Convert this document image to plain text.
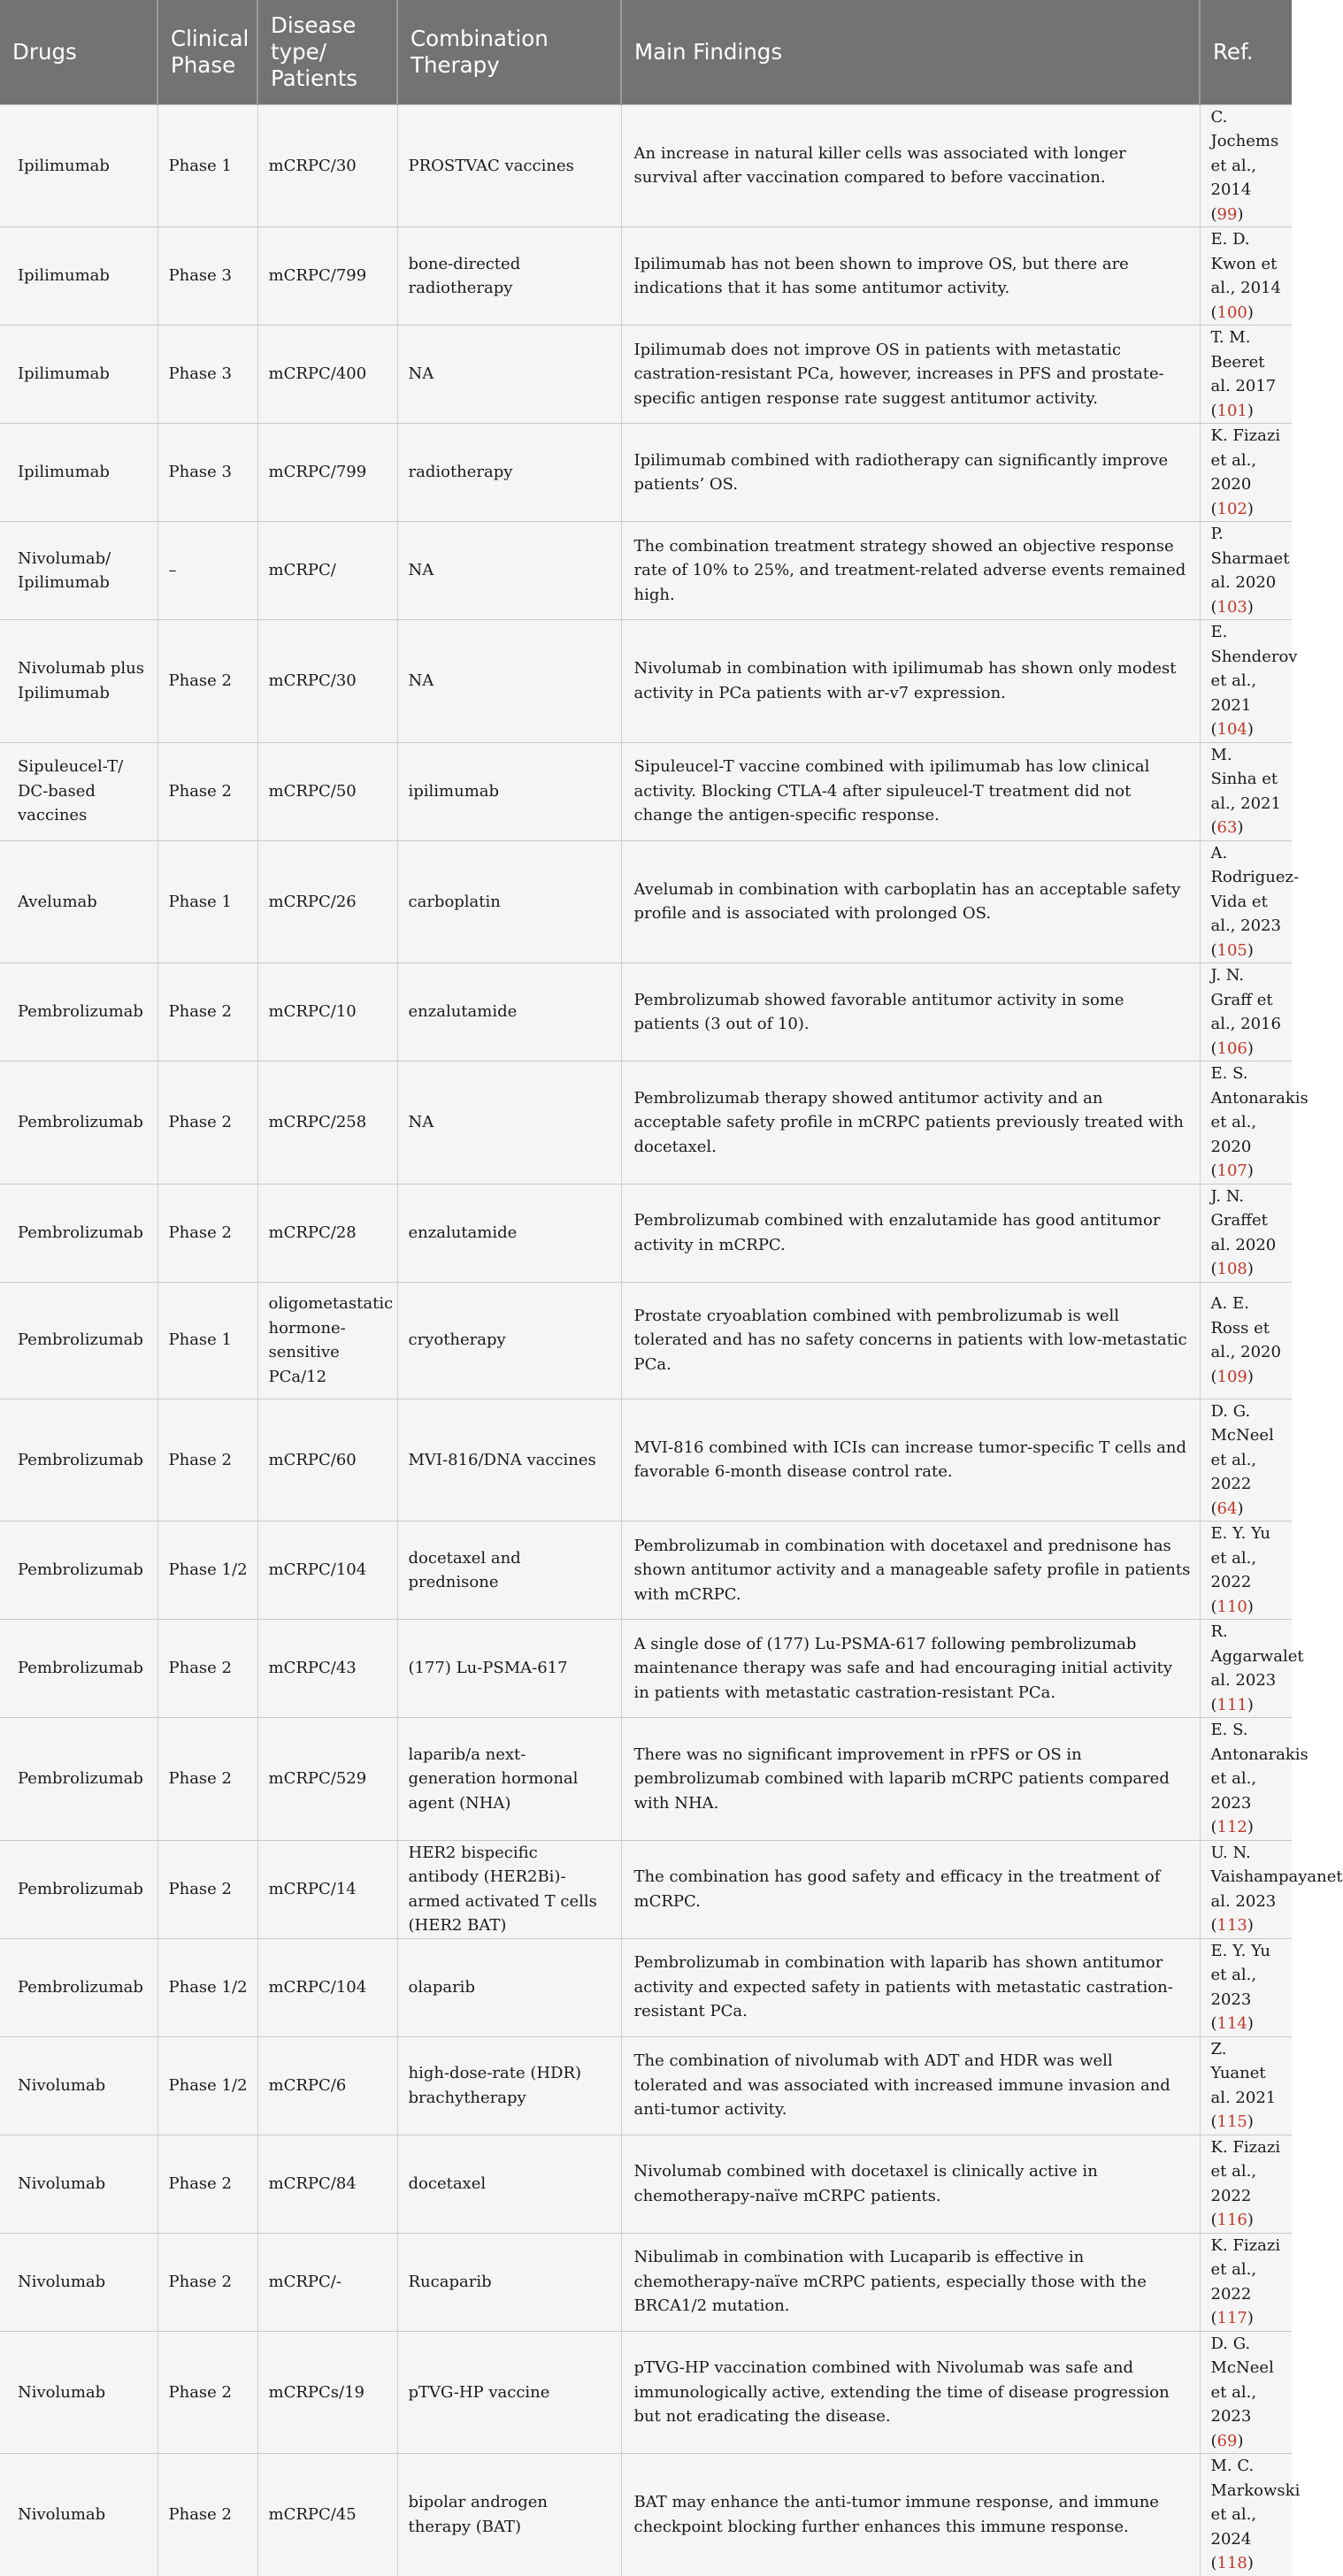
Drugs	Clinical Phase	Disease type/ Patients	Combination Therapy	Main Findings	Ref.
Ipilimumab	Phase 1	mCRPC/30	PROSTVAC vaccines	An increase in natural killer cells was associated with longer survival after vaccination compared to before vaccination.	C. Jochems et al., 2014 (99)
Ipilimumab	Phase 3	mCRPC/799	bone-directed radiotherapy	Ipilimumab has not been shown to improve OS, but there are indications that it has some antitumor activity.	E. D. Kwon et al., 2014 (100)
Ipilimumab	Phase 3	mCRPC/400	NA	Ipilimumab does not improve OS in patients with metastatic castration-resistant PCa, however, increases in PFS and prostate-specific antigen response rate suggest antitumor activity.	T. M. Beeret al. 2017 (101)
Ipilimumab	Phase 3	mCRPC/799	radiotherapy	Ipilimumab combined with radiotherapy can significantly improve patients’ OS.	K. Fizazi et al., 2020 (102)
Nivolumab/ Ipilimumab	–	mCRPC/	NA	The combination treatment strategy showed an objective response rate of 10% to 25%, and treatment-related adverse events remained high.	P. Sharmaet al. 2020 (103)
Nivolumab plus Ipilimumab	Phase 2	mCRPC/30	NA	Nivolumab in combination with ipilimumab has shown only modest activity in PCa patients with ar-v7 expression.	E. Shenderov et al., 2021 (104)
Sipuleucel-T/ DC-based vaccines	Phase 2	mCRPC/50	ipilimumab	Sipuleucel-T vaccine combined with ipilimumab has low clinical activity. Blocking CTLA-4 after sipuleucel-T treatment did not change the antigen-specific response.	M. Sinha et al., 2021 (63)
Avelumab	Phase 1	mCRPC/26	carboplatin	Avelumab in combination with carboplatin has an acceptable safety profile and is associated with prolonged OS.	A. Rodriguez-Vida et al., 2023 (105)
Pembrolizumab	Phase 2	mCRPC/10	enzalutamide	Pembrolizumab showed favorable antitumor activity in some patients (3 out of 10).	J. N. Graff et al., 2016 (106)
Pembrolizumab	Phase 2	mCRPC/258	NA	Pembrolizumab therapy showed antitumor activity and an acceptable safety profile in mCRPC patients previously treated with docetaxel.	E. S. Antonarakis et al., 2020 (107)
Pembrolizumab	Phase 2	mCRPC/28	enzalutamide	Pembrolizumab combined with enzalutamide has good antitumor activity in mCRPC.	J. N. Graffet al. 2020 (108)
Pembrolizumab	Phase 1	oligometastatic hormone-sensitive PCa/12	cryotherapy	Prostate cryoablation combined with pembrolizumab is well tolerated and has no safety concerns in patients with low-metastatic PCa.	A. E. Ross et al., 2020 (109)
Pembrolizumab	Phase 2	mCRPC/60	MVI-816/DNA vaccines	MVI-816 combined with ICIs can increase tumor-specific T cells and favorable 6-month disease control rate.	D. G. McNeel et al., 2022 (64)
Pembrolizumab	Phase 1/2	mCRPC/104	docetaxel and prednisone	Pembrolizumab in combination with docetaxel and prednisone has shown antitumor activity and a manageable safety profile in patients with mCRPC.	E. Y. Yu et al., 2022 (110)
Pembrolizumab	Phase 2	mCRPC/43	(177) Lu-PSMA-617	A single dose of (177) Lu-PSMA-617 following pembrolizumab maintenance therapy was safe and had encouraging initial activity in patients with metastatic castration-resistant PCa.	R. Aggarwalet al. 2023 (111)
Pembrolizumab	Phase 2	mCRPC/529	laparib/a next-generation hormonal agent (NHA)	There was no significant improvement in rPFS or OS in pembrolizumab combined with laparib mCRPC patients compared with NHA.	E. S. Antonarakis et al., 2023 (112)
Pembrolizumab	Phase 2	mCRPC/14	HER2 bispecific antibody (HER2Bi)-armed activated T cells (HER2 BAT)	The combination has good safety and efficacy in the treatment of mCRPC.	U. N. Vaishampayanet al. 2023 (113)
Pembrolizumab	Phase 1/2	mCRPC/104	olaparib	Pembrolizumab in combination with laparib has shown antitumor activity and expected safety in patients with metastatic castration-resistant PCa.	E. Y. Yu et al., 2023 (114)
Nivolumab	Phase 1/2	mCRPC/6	high-dose-rate (HDR) brachytherapy	The combination of nivolumab with ADT and HDR was well tolerated and was associated with increased immune invasion and anti-tumor activity.	Z. Yuanet al. 2021 (115)
Nivolumab	Phase 2	mCRPC/84	docetaxel	Nivolumab combined with docetaxel is clinically active in chemotherapy-naïve mCRPC patients.	K. Fizazi et al., 2022 (116)
Nivolumab	Phase 2	mCRPC/-	Rucaparib	Nibulimab in combination with Lucaparib is effective in chemotherapy-naïve mCRPC patients, especially those with the BRCA1/2 mutation.	K. Fizazi et al., 2022 (117)
Nivolumab	Phase 2	mCRPCs/19	pTVG-HP vaccine	pTVG-HP vaccination combined with Nivolumab was safe and immunologically active, extending the time of disease progression but not eradicating the disease.	D. G. McNeel et al., 2023 (69)
Nivolumab	Phase 2	mCRPC/45	bipolar androgen therapy (BAT)	BAT may enhance the anti-tumor immune response, and immune checkpoint blocking further enhances this immune response.	M. C. Markowski et al., 2024 (118)
